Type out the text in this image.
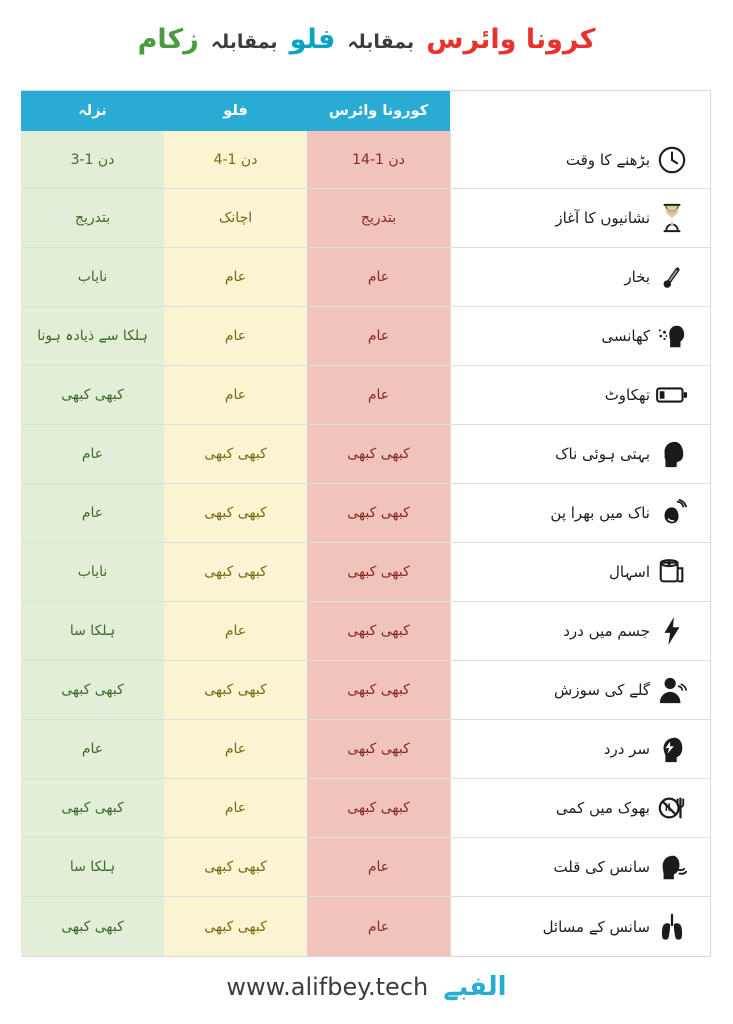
کرونا وائرس بمقابلہ فلو بمقابلہ زکام
کورونا وائرس
فلو
نزلہ
بڑھنے کا وقت
دن 1-14
دن 1-4
دن 1-3
نشانیوں کا آغاز
بتدریج
اچانک
بتدریج
بخار
عام
عام
نایاب
کھانسی
عام
عام
ہلکا سے ذیادہ ہونا
تھکاوٹ
عام
عام
کبھی کبھی
بہتی ہوئی ناک
کبھی کبھی
کبھی کبھی
عام
ناک میں بھرا پن
کبھی کبھی
کبھی کبھی
عام
اسہال
کبھی کبھی
کبھی کبھی
نایاب
جسم میں درد
کبھی کبھی
عام
ہلکا سا
گلے کی سوزش
کبھی کبھی
کبھی کبھی
کبھی کبھی
سر درد
کبھی کبھی
عام
عام
بھوک میں کمی
کبھی کبھی
عام
کبھی کبھی
سانس کی قلت
عام
کبھی کبھی
ہلکا سا
سانس کے مسائل
عام
کبھی کبھی
کبھی کبھی
الفبے www.alifbey.tech
